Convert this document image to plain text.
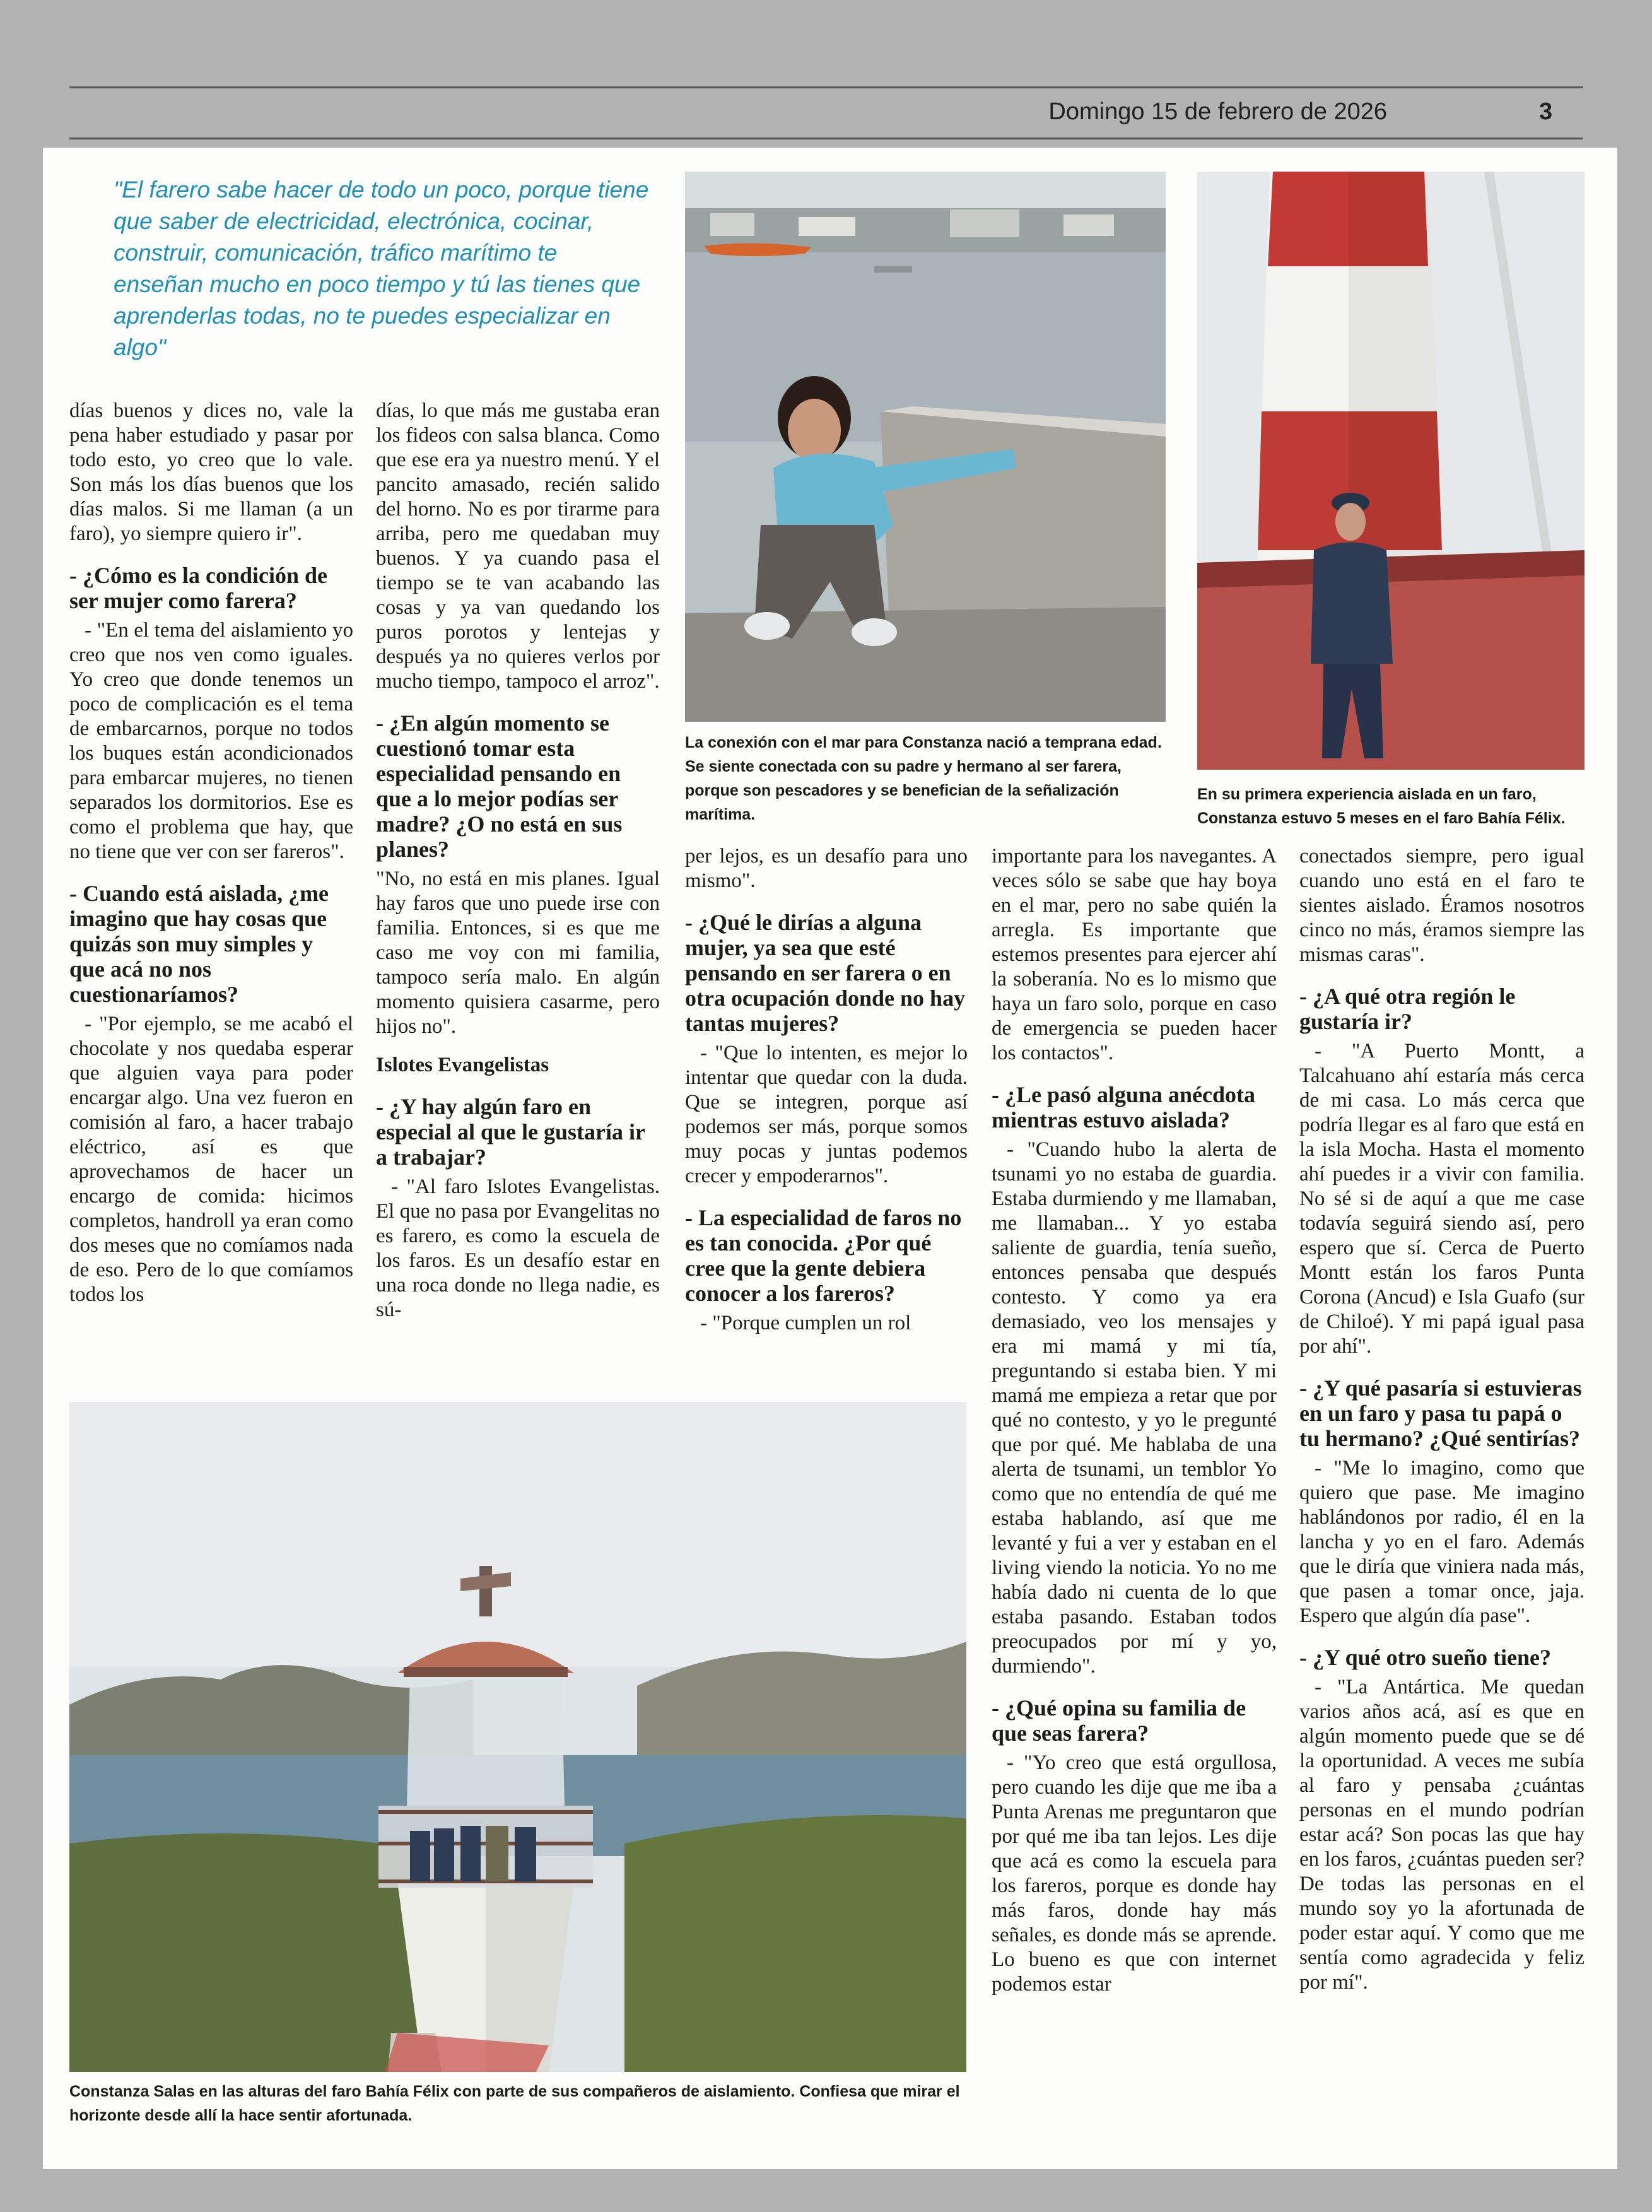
Domingo 15 de febrero de 2026	3
"El farero sabe hacer de todo un poco, porque tiene que saber de electricidad, electrónica, cocinar, construir, comunicación, tráfico marítimo te enseñan mucho en poco tiempo y tú las tienes que aprenderlas todas, no te puedes especializar en algo"
La conexión con el mar para Constanza nació a temprana edad. Se siente conectada con su padre y hermano al ser farera, porque son pescadores y se benefician de la señalización marítima.
En su primera experiencia aislada en un faro, Constanza estuvo 5 meses en el faro Bahía Félix.
Constanza Salas en las alturas del faro Bahía Félix con parte de sus compañeros de aislamiento. Confiesa que mirar el horizonte desde allí la hace sentir afortunada.

días buenos y dices no, vale la pena haber estudiado y pasar por todo esto, yo creo que lo vale. Son más los días buenos que los días malos. Si me llaman (a un faro), yo siempre quiero ir".

- ¿Cómo es la condición de ser mujer como farera?

- "En el tema del aislamiento yo creo que nos ven como iguales. Yo creo que donde tenemos un poco de complicación es el tema de embarcarnos, porque no todos los buques están acondicionados para embarcar mujeres, no tienen separados los dormitorios. Ese es como el problema que hay, que no tiene que ver con ser fareros".

- Cuando está aislada, ¿me imagino que hay cosas que quizás son muy simples y que acá no nos cuestionaríamos?

- "Por ejemplo, se me acabó el chocolate y nos quedaba esperar que alguien vaya para poder encargar algo. Una vez fueron en comisión al faro, a hacer trabajo eléctrico, así es que aprovechamos de hacer un encargo de comida: hicimos completos, handroll ya eran como dos meses que no comíamos nada de eso. Pero de lo que comíamos todos los

días, lo que más me gustaba eran los fideos con salsa blanca. Como que ese era ya nuestro menú. Y el pancito amasado, recién salido del horno. No es por tirarme para arriba, pero me quedaban muy buenos. Y ya cuando pasa el tiempo se te van acabando las cosas y ya van quedando los puros porotos y lentejas y después ya no quieres verlos por mucho tiempo, tampoco el arroz".

- ¿En algún momento se cuestionó tomar esta especialidad pensando en que a lo mejor podías ser madre? ¿O no está en sus planes?

"No, no está en mis planes. Igual hay faros que uno puede irse con familia. Entonces, si es que me caso me voy con mi familia, tampoco sería malo. En algún momento quisiera casarme, pero hijos no".

Islotes Evangelistas
- ¿Y hay algún faro en especial al que le gustaría ir a trabajar?

- "Al faro Islotes Evangelistas. El que no pasa por Evangelitas no es farero, es como la escuela de los faros. Es un desafío estar en una roca donde no llega nadie, es sú-

per lejos, es un desafío para uno mismo".

- ¿Qué le dirías a alguna mujer, ya sea que esté pensando en ser farera o en otra ocupación donde no hay tantas mujeres?

- "Que lo intenten, es mejor lo intentar que quedar con la duda. Que se integren, porque así podemos ser más, porque somos muy pocas y juntas podemos crecer y empoderarnos".

- La especialidad de faros no es tan conocida. ¿Por qué cree que la gente debiera conocer a los fareros?

- "Porque cumplen un rol

importante para los navegantes. A veces sólo se sabe que hay boya en el mar, pero no sabe quién la arregla. Es importante que estemos presentes para ejercer ahí la soberanía. No es lo mismo que haya un faro solo, porque en caso de emergencia se pueden hacer los contactos".

- ¿Le pasó alguna anécdota mientras estuvo aislada?

- "Cuando hubo la alerta de tsunami yo no estaba de guardia. Estaba durmiendo y me llamaban, me llamaban... Y yo estaba saliente de guardia, tenía sueño, entonces pensaba que después contesto. Y como ya era demasiado, veo los mensajes y era mi mamá y mi tía, preguntando si estaba bien. Y mi mamá me empieza a retar que por qué no contesto, y yo le pregunté que por qué. Me hablaba de una alerta de tsunami, un temblor Yo como que no entendía de qué me estaba hablando, así que me levanté y fui a ver y estaban en el living viendo la noticia. Yo no me había dado ni cuenta de lo que estaba pasando. Estaban todos preocupados por mí y yo, durmiendo".

- ¿Qué opina su familia de que seas farera?

- "Yo creo que está orgullosa, pero cuando les dije que me iba a Punta Arenas me preguntaron que por qué me iba tan lejos. Les dije que acá es como la escuela para los fareros, porque es donde hay más faros, donde hay más señales, es donde más se aprende. Lo bueno es que con internet podemos estar

conectados siempre, pero igual cuando uno está en el faro te sientes aislado. Éramos nosotros cinco no más, éramos siempre las mismas caras".

- ¿A qué otra región le gustaría ir?

- "A Puerto Montt, a Talcahuano ahí estaría más cerca de mi casa. Lo más cerca que podría llegar es al faro que está en la isla Mocha. Hasta el momento ahí puedes ir a vivir con familia. No sé si de aquí a que me case todavía seguirá siendo así, pero espero que sí. Cerca de Puerto Montt están los faros Punta Corona (Ancud) e Isla Guafo (sur de Chiloé). Y mi papá igual pasa por ahí".

- ¿Y qué pasaría si estuvieras en un faro y pasa tu papá o tu hermano? ¿Qué sentirías?

- "Me lo imagino, como que quiero que pase. Me imagino hablándonos por radio, él en la lancha y yo en el faro. Además que le diría que viniera nada más, que pasen a tomar once, jaja. Espero que algún día pase".

- ¿Y qué otro sueño tiene?

- "La Antártica. Me quedan varios años acá, así es que en algún momento puede que se dé la oportunidad. A veces me subía al faro y pensaba ¿cuántas personas en el mundo podrían estar acá? Son pocas las que hay en los faros, ¿cuántas pueden ser? De todas las personas en el mundo soy yo la afortunada de poder estar aquí. Y como que me sentía como agradecida y feliz por mí".
